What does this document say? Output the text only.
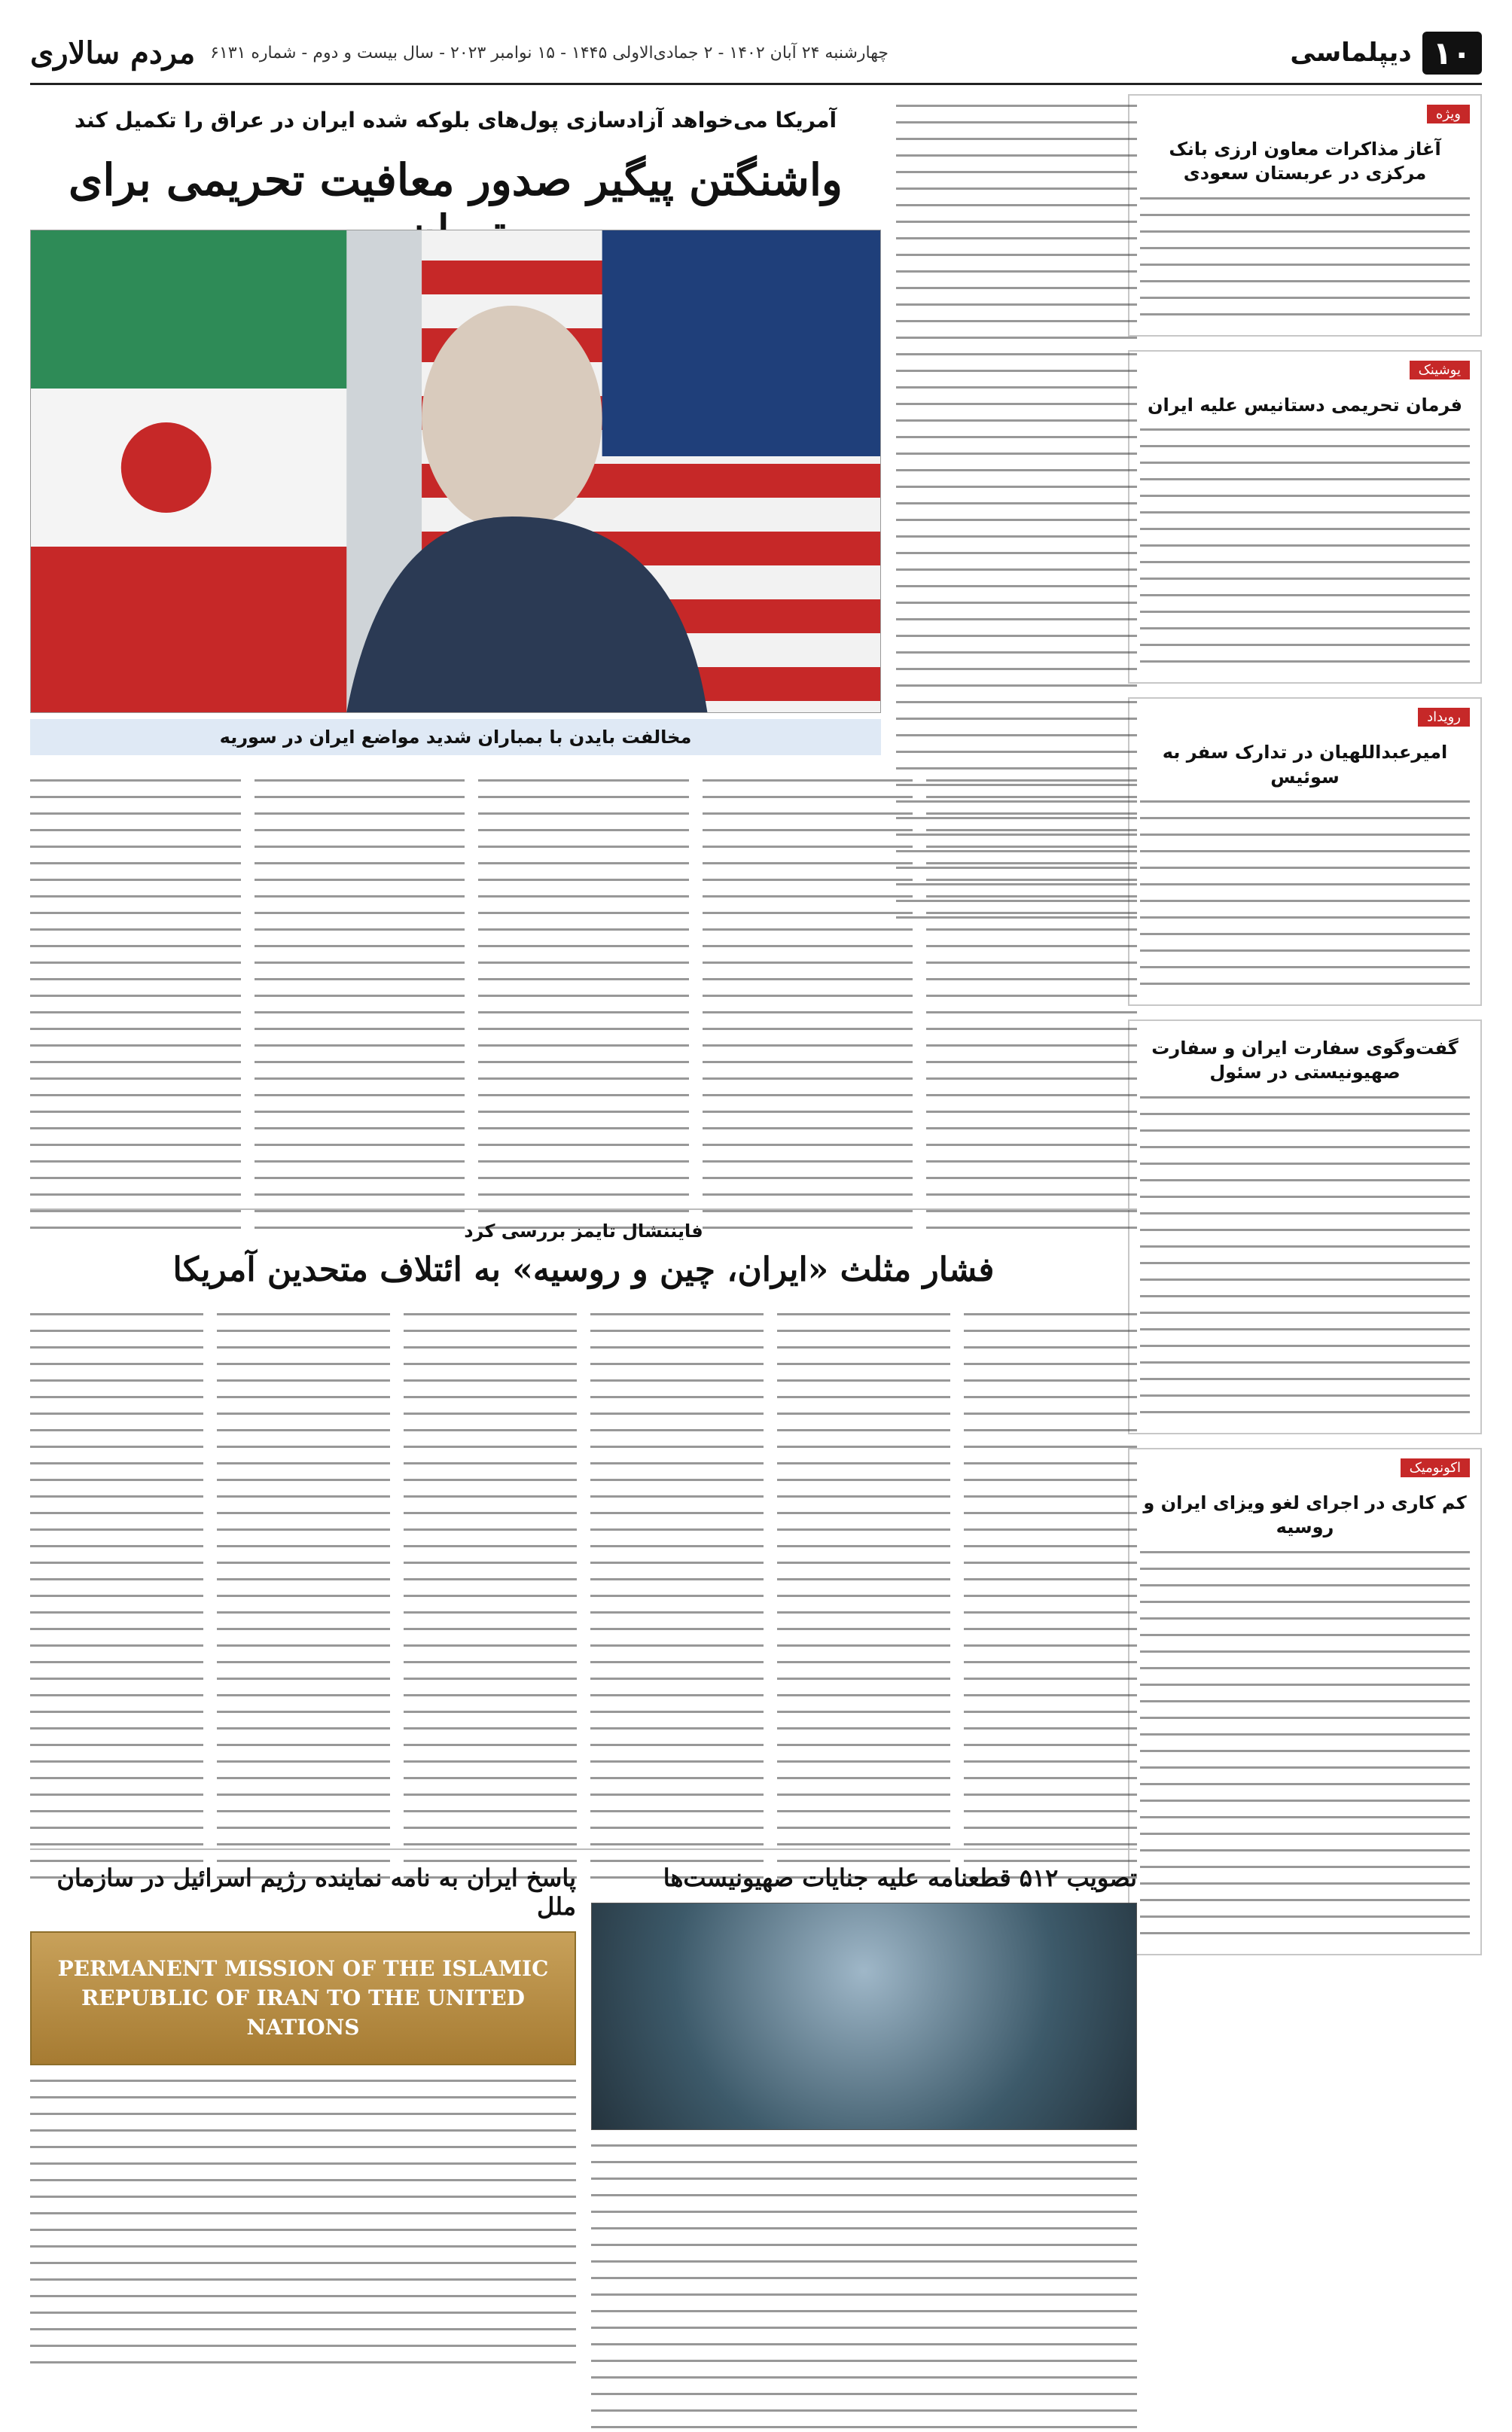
۱۰
دیپلماسی
چهارشنبه ۲۴ آبان ۱۴۰۲ - ۲ جمادی‌الاولی ۱۴۴۵ - ۱۵ نوامبر ۲۰۲۳ - سال بیست و دوم - شماره ۶۱۳۱
مردم سالاری
ویژه
آغاز مذاکرات معاون ارزی بانک مرکزی در عربستان سعودی
یوشینک
فرمان تحریمی دستانیس علیه ایران
رویداد
امیرعبداللهیان در تدارک سفر به سوئیس
گفت‌وگوی سفارت ایران و سفارت صهیونیستی در سئول
اکونومیک
کم کاری در اجرای لغو ویزای ایران و روسیه
آمریکا می‌خواهد آزادسازی پول‌های بلوکه شده ایران در عراق را تکمیل کند
واشنگتن پیگیر صدور معافیت تحریمی برای
مخالفت بایدن با بمباران شدید مواضع ایران در سوریه
فایننشال تایمز بررسی کرد
فشار مثلث «ایران، چین و روسیه» به ائتلاف متحدین آمریکا
تصویب ۵۱۲ قطعنامه علیه جنایات صهیونیست‌ها
پاسخ ایران به نامه نماینده رژیم اسرائیل در سازمان ملل
PERMANENT MISSION OF THE ISLAMIC REPUBLIC OF IRAN TO THE UNITED NATIONS
